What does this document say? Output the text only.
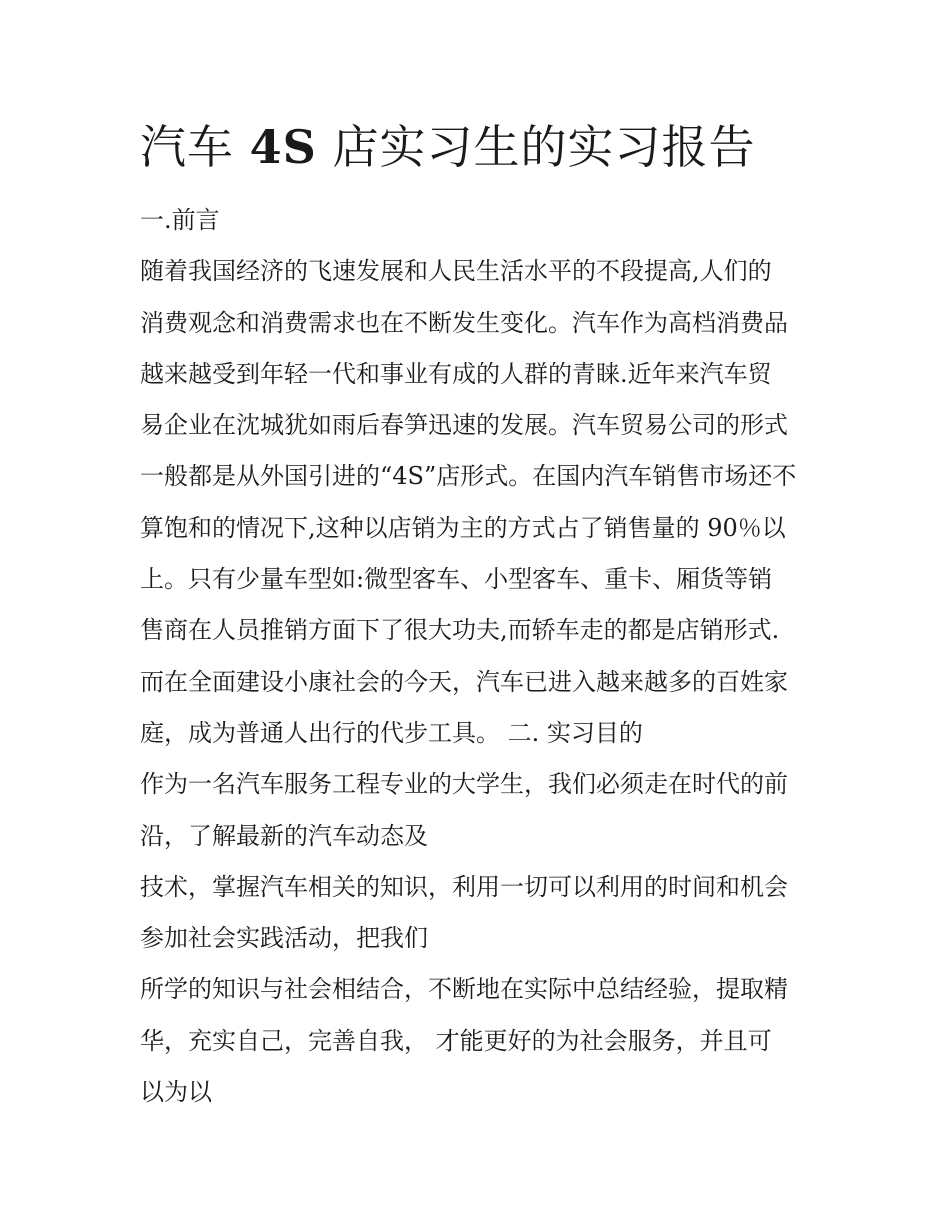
汽车 4S 店实习生的实习报告

一.前言

随着我国经济的飞速发展和人民生活水平的不段提高,人们的

消费观念和消费需求也在不断发生变化。汽车作为高档消费品

越来越受到年轻一代和事业有成的人群的青睐.近年来汽车贸

易企业在沈城犹如雨后春笋迅速的发展。汽车贸易公司的形式

一般都是从外国引进的“4S”店形式。在国内汽车销售市场还不

算饱和的情况下,这种以店销为主的方式占了销售量的 90％以

上。只有少量车型如:微型客车、小型客车、重卡、厢货等销

售商在人员推销方面下了很大功夫,而轿车走的都是店销形式.

而在全面建设小康社会的今天，汽车已进入越来越多的百姓家

庭，成为普通人出行的代步工具。 二. 实习目的

作为一名汽车服务工程专业的大学生，我们必须走在时代的前

沿，了解最新的汽车动态及

技术，掌握汽车相关的知识，利用一切可以利用的时间和机会

参加社会实践活动，把我们

所学的知识与社会相结合，不断地在实际中总结经验，提取精

华，充实自己，完善自我， 才能更好的为社会服务，并且可

以为以
